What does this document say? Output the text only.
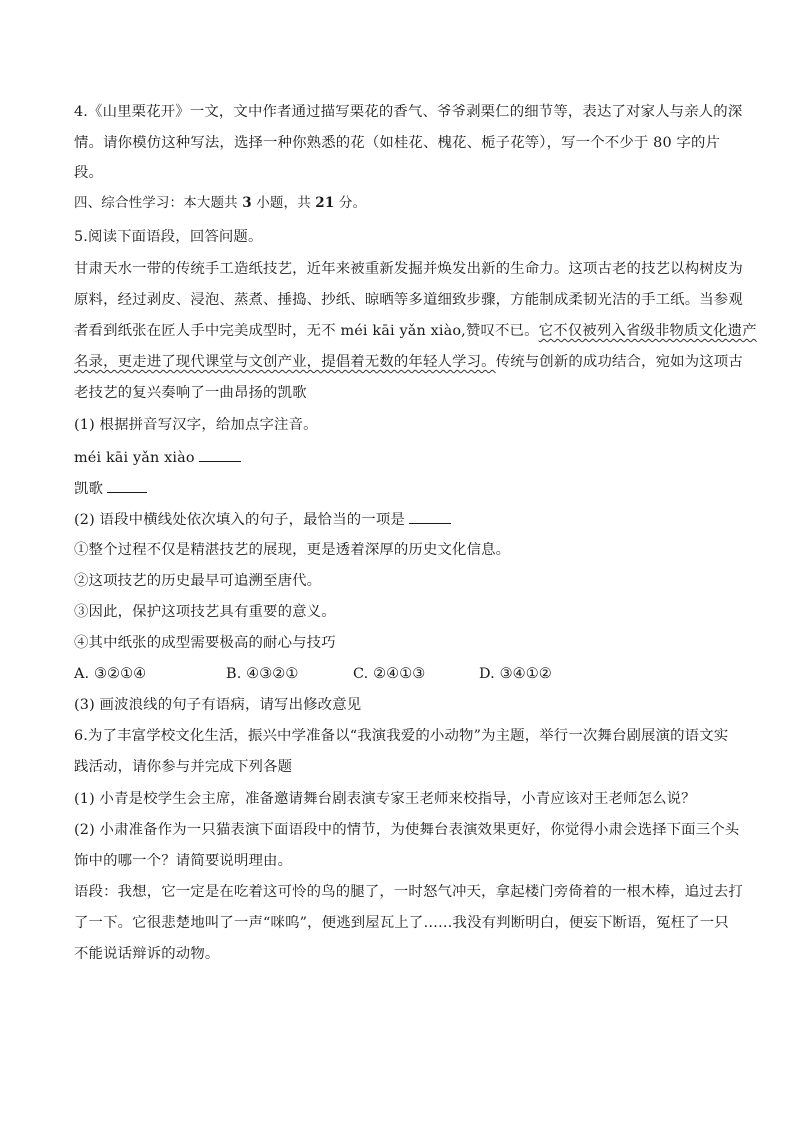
4.《山里栗花开》一文，文中作者通过描写栗花的香气、爷爷剥栗仁的细节等，表达了对家人与亲人的深
情。请你模仿这种写法，选择一种你熟悉的花（如桂花、槐花、栀子花等），写一个不少于 80 字的片
段。
四、综合性学习：本大题共 3 小题，共 21 分。
5.阅读下面语段，回答问题。
甘肃天水一带的传统手工造纸技艺，近年来被重新发掘并焕发出新的生命力。这项古老的技艺以构树皮为
原料，经过剥皮、浸泡、蒸煮、捶捣、抄纸、晾晒等多道细致步骤，方能制成柔韧光洁的手工纸。当参观
者看到纸张在匠人手中完美成型时，无不 méi kāi yǎn xiào,赞叹不已。它不仅被列入省级非物质文化遗产
名录，更走进了现代课堂与文创产业，提倡着无数的年轻人学习。传统与创新的成功结合，宛如为这项古
老技艺的复兴奏响了一曲昂扬的凯歌
(1) 根据拼音写汉字，给加点字注音。
méi kāi yǎn xiào
凯歌
(2) 语段中横线处依次填入的句子，最恰当的一项是
①整个过程不仅是精湛技艺的展现，更是透着深厚的历史文化信息。
②这项技艺的历史最早可追溯至唐代。
③因此，保护这项技艺具有重要的意义。
④其中纸张的成型需要极高的耐心与技巧
A. ③②①④	B. ④③②①	C. ②④①③	D. ③④①②
(3) 画波浪线的句子有语病，请写出修改意见
6.为了丰富学校文化生活，振兴中学准备以“我演我爱的小动物”为主题，举行一次舞台剧展演的语文实
践活动，请你参与并完成下列各题
(1) 小青是校学生会主席，准备邀请舞台剧表演专家王老师来校指导，小青应该对王老师怎么说？
(2) 小肃准备作为一只猫表演下面语段中的情节，为使舞台表演效果更好，你觉得小肃会选择下面三个头
饰中的哪一个？请简要说明理由。
语段：我想，它一定是在吃着这可怜的鸟的腿了，一时怒气冲天，拿起楼门旁倚着的一根木棒，追过去打
了一下。它很悲楚地叫了一声“咪呜”，便逃到屋瓦上了……我没有判断明白，便妄下断语，冤枉了一只
不能说话辩诉的动物。
